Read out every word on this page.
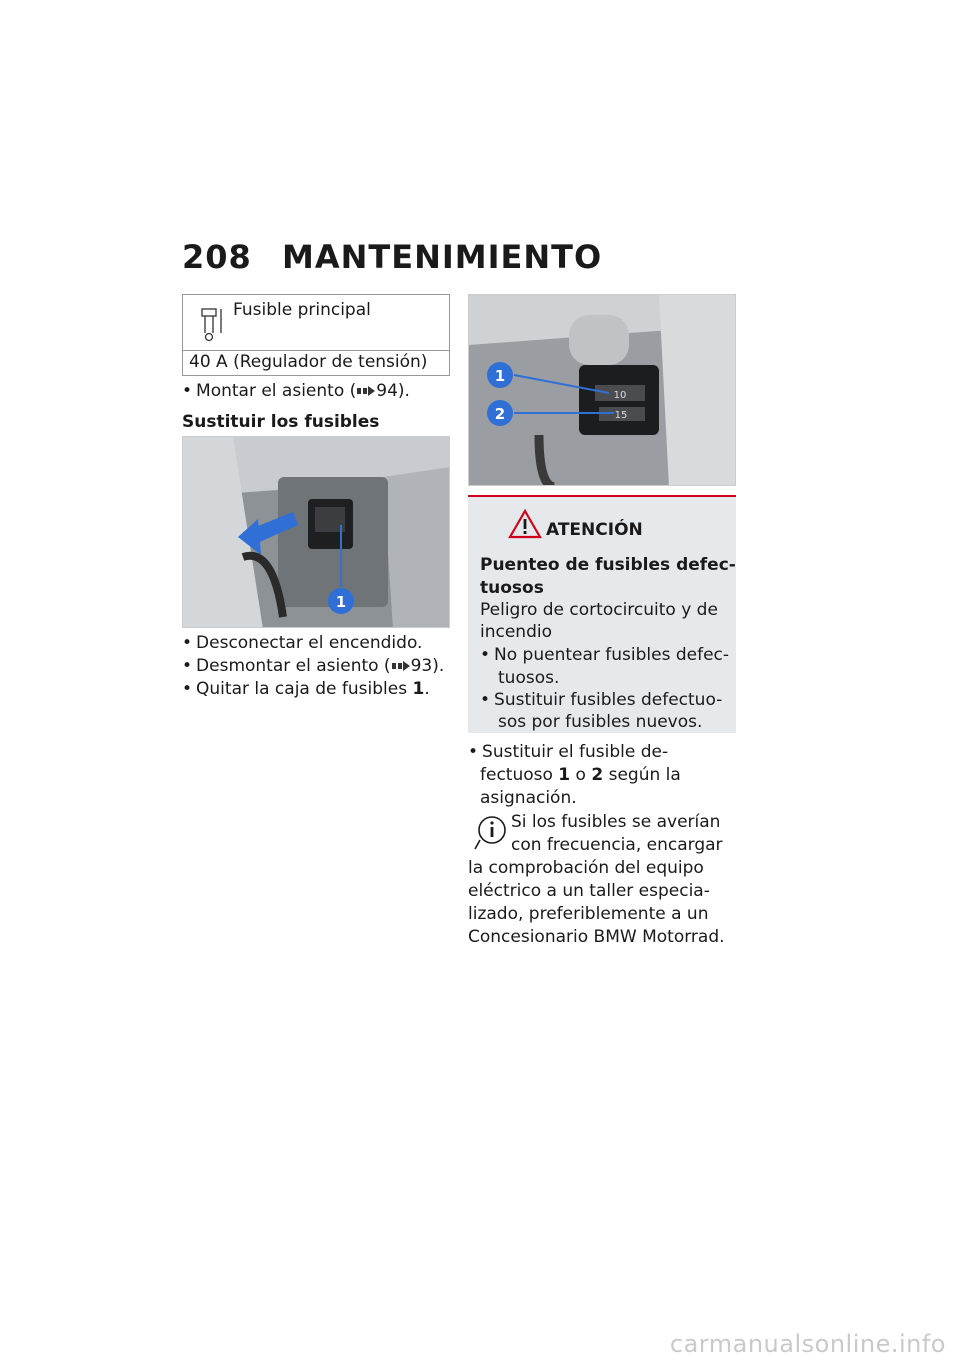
208 MANTENIMIENTO
Fusible principal
40 A (Regulador de tensión)
• Montar el asiento ( 94).
Sustituir los fusibles
1
• Desconectar el encendido.
• Desmontar el asiento ( 93).
• Quitar la caja de fusibles 1.
10
15
1
2
ATENCIÓN
Puenteo de fusibles defec-
tuosos
Peligro de cortocircuito y de
incendio
• No puentear fusibles defec-
tuosos.
• Sustituir fusibles defectuo-
sos por fusibles nuevos.
• Sustituir el fusible de-
fectuoso 1 o 2 según la
asignación.
Si los fusibles se averían
con frecuencia, encargar
la comprobación del equipo
eléctrico a un taller especia-
lizado, preferiblemente a un
Concesionario BMW Motorrad.
carmanualsonline.info
